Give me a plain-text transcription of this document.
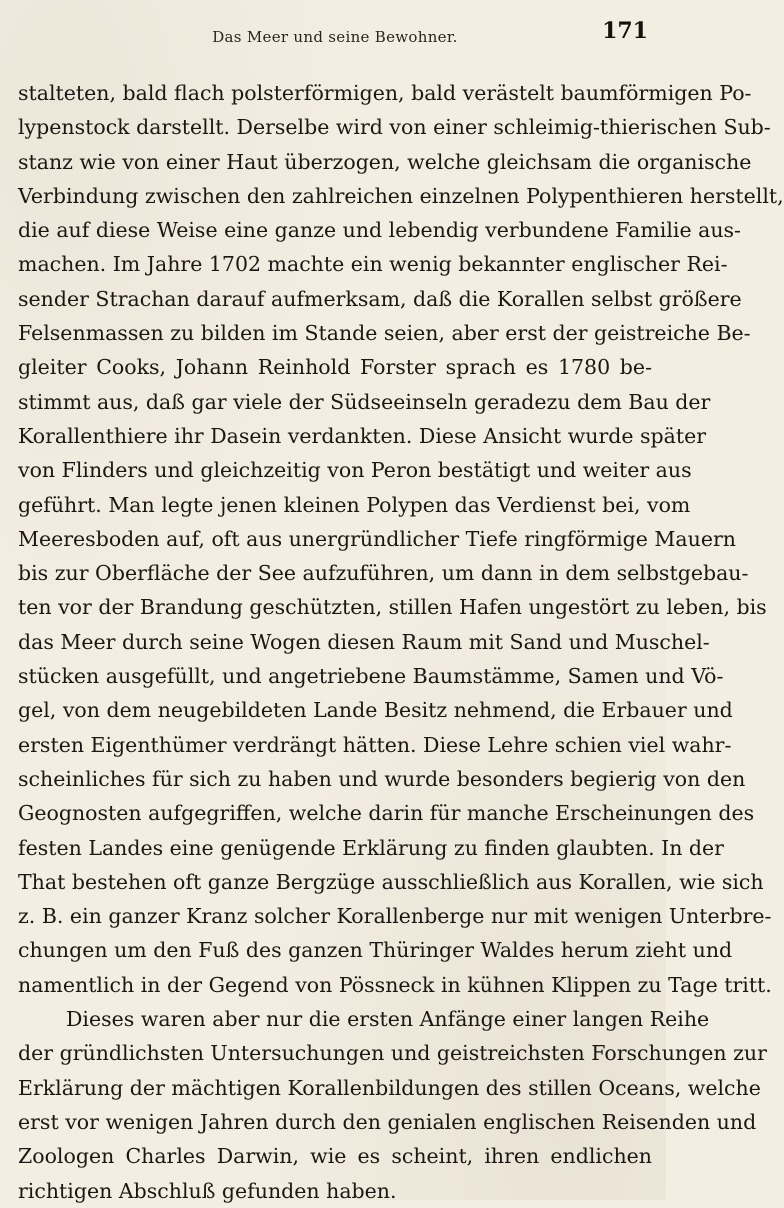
Das Meer und seine Bewohner.	171
stalteten, bald flach polsterförmigen, bald verästelt baumförmigen Po-
lypenstock darstellt. Derselbe wird von einer schleimig-thierischen Sub-
stanz wie von einer Haut überzogen, welche gleichsam die organische
Verbindung zwischen den zahlreichen einzelnen Polypenthieren herstellt,
die auf diese Weise eine ganze und lebendig verbundene Familie aus-
machen. Im Jahre 1702 machte ein wenig bekannter englischer Rei-
sender Strachan darauf aufmerksam, daß die Korallen selbst größere
Felsenmassen zu bilden im Stande seien, aber erst der geistreiche Be-
gleiter Cooks, Johann Reinhold Forster sprach es 1780 be-
stimmt aus, daß gar viele der Südseeinseln geradezu dem Bau der
Korallenthiere ihr Dasein verdankten. Diese Ansicht wurde später
von Flinders und gleichzeitig von Peron bestätigt und weiter aus
geführt. Man legte jenen kleinen Polypen das Verdienst bei, vom
Meeresboden auf, oft aus unergründlicher Tiefe ringförmige Mauern
bis zur Oberfläche der See aufzuführen, um dann in dem selbstgebau-
ten vor der Brandung geschützten, stillen Hafen ungestört zu leben, bis
das Meer durch seine Wogen diesen Raum mit Sand und Muschel-
stücken ausgefüllt, und angetriebene Baumstämme, Samen und Vö-
gel, von dem neugebildeten Lande Besitz nehmend, die Erbauer und
ersten Eigenthümer verdrängt hätten. Diese Lehre schien viel wahr-
scheinliches für sich zu haben und wurde besonders begierig von den
Geognosten aufgegriffen, welche darin für manche Erscheinungen des
festen Landes eine genügende Erklärung zu finden glaubten. In der
That bestehen oft ganze Bergzüge ausschließlich aus Korallen, wie sich
z. B. ein ganzer Kranz solcher Korallenberge nur mit wenigen Unterbre-
chungen um den Fuß des ganzen Thüringer Waldes herum zieht und
namentlich in der Gegend von Pössneck in kühnen Klippen zu Tage tritt.
Dieses waren aber nur die ersten Anfänge einer langen Reihe
der gründlichsten Untersuchungen und geistreichsten Forschungen zur
Erklärung der mächtigen Korallenbildungen des stillen Oceans, welche
erst vor wenigen Jahren durch den genialen englischen Reisenden und
Zoologen Charles Darwin, wie es scheint, ihren endlichen
richtigen Abschluß gefunden haben.
